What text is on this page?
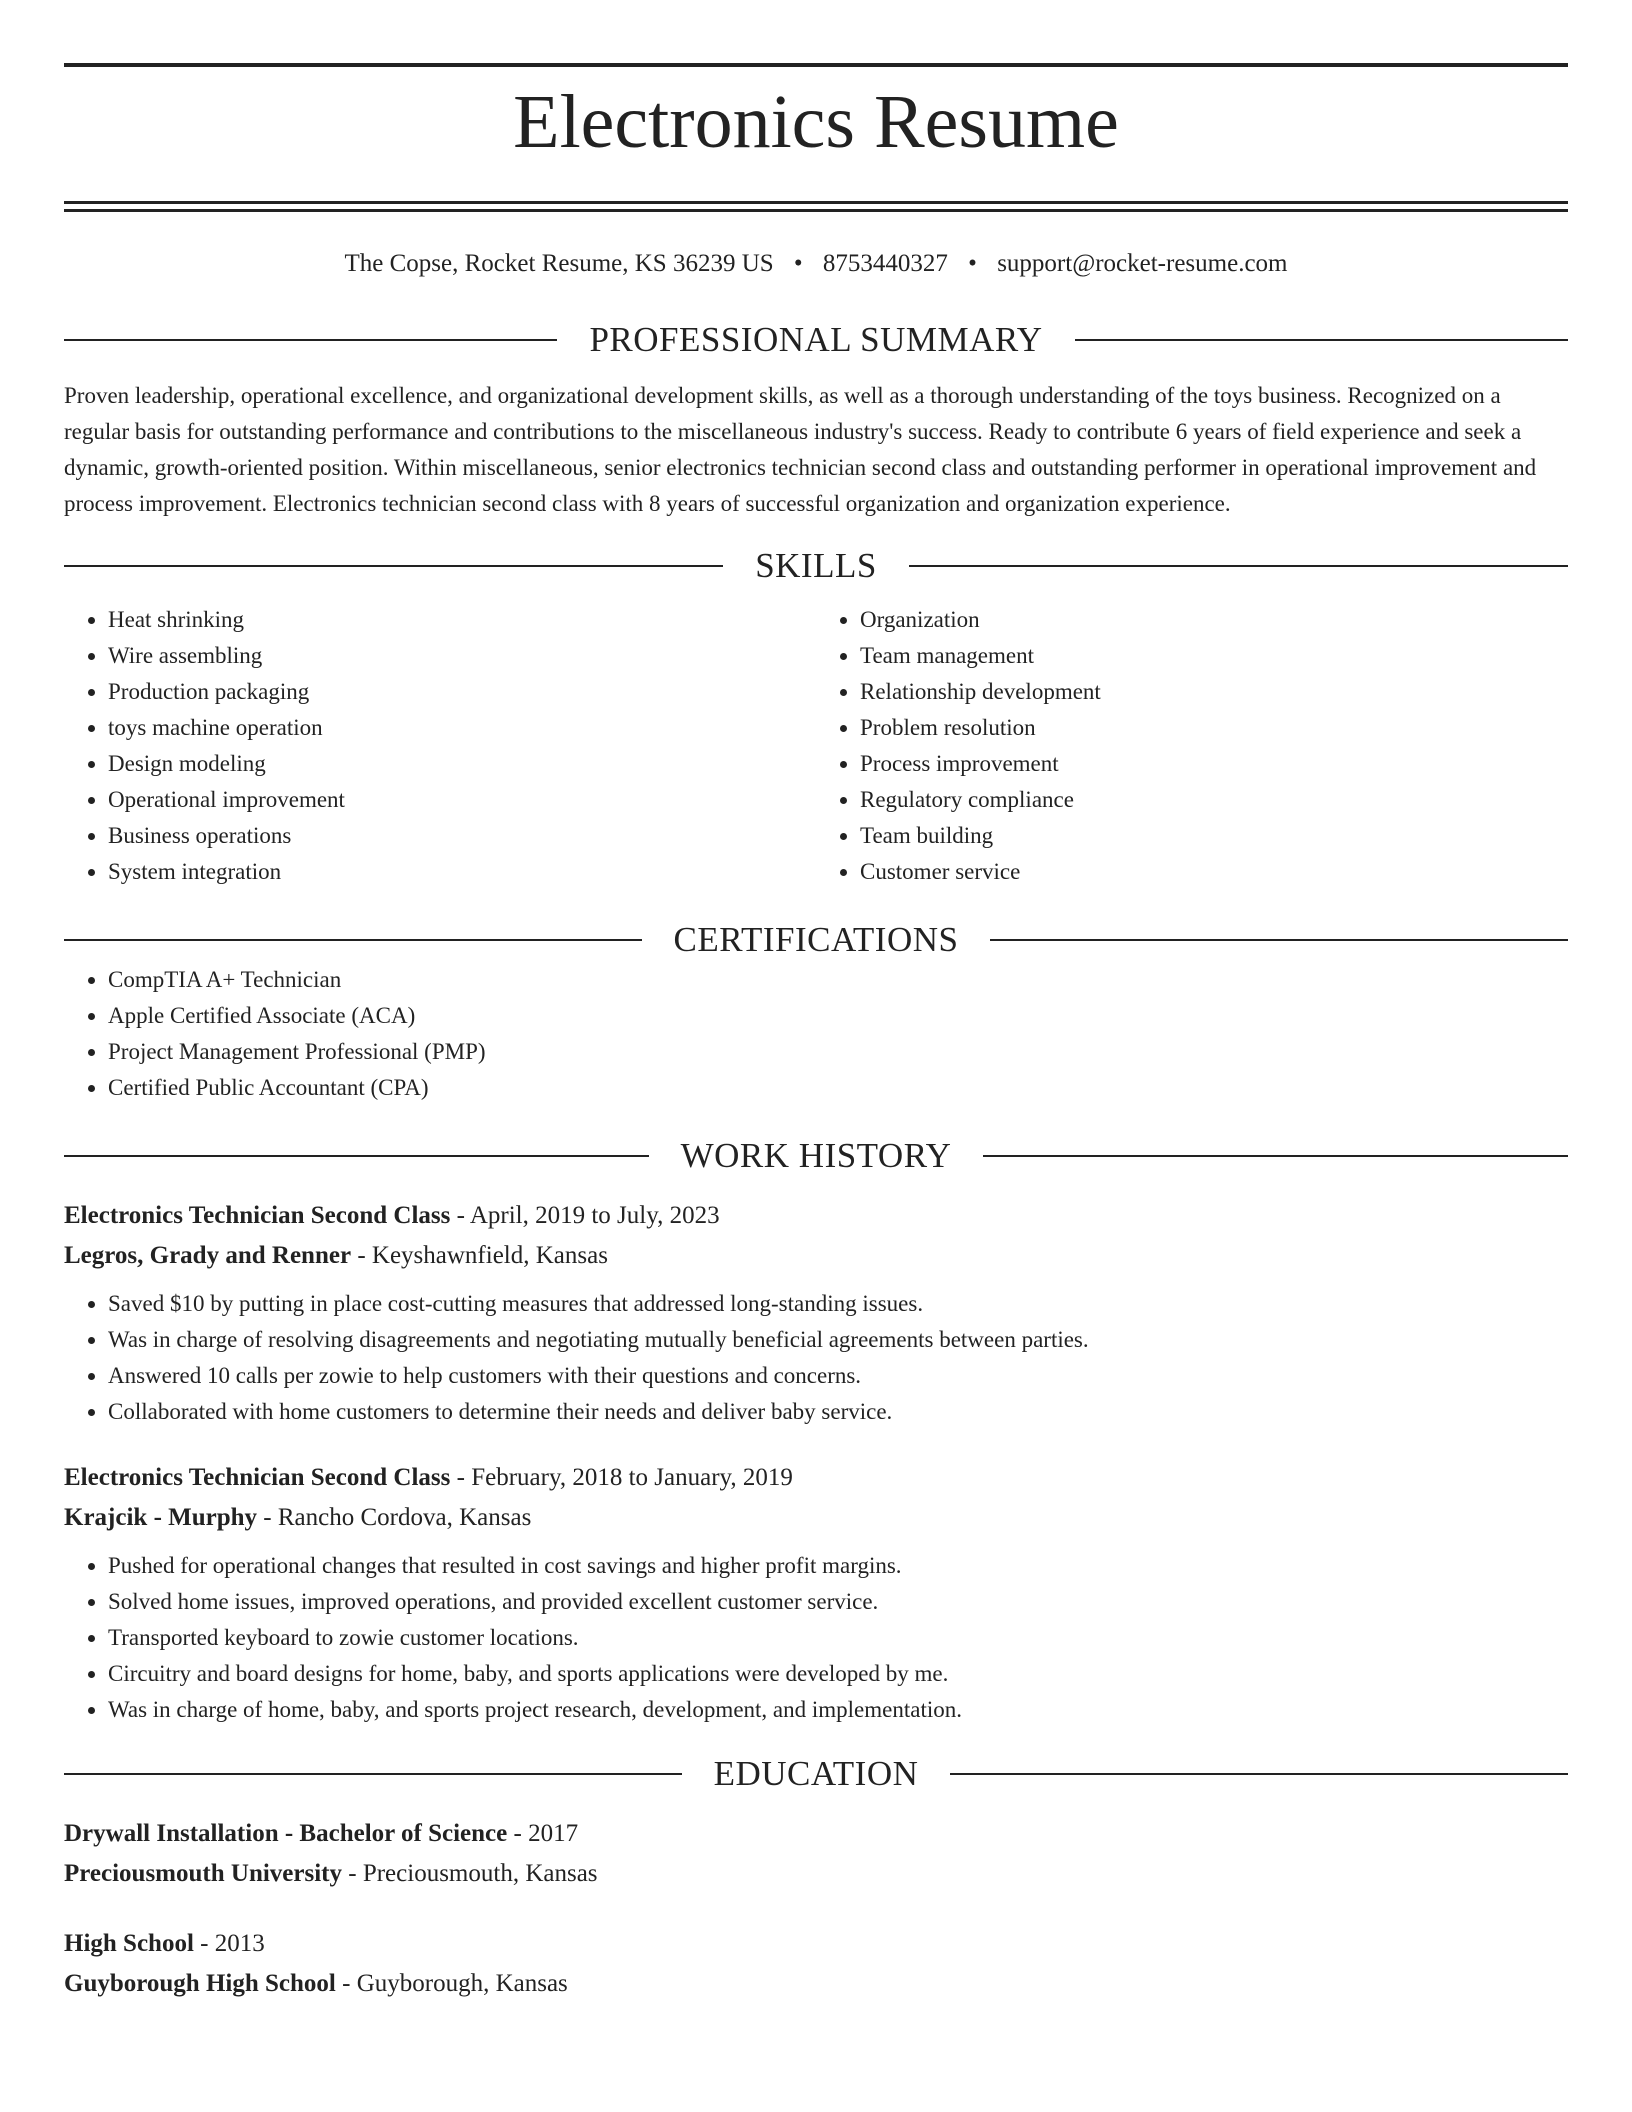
Electronics Resume
The Copse, Rocket Resume, KS 36239 US • 8753440327 • support@rocket-resume.com
PROFESSIONAL SUMMARY

Proven leadership, operational excellence, and organizational development skills, as well as a thorough understanding of the toys business. Recognized on a regular basis for outstanding performance and contributions to the miscellaneous industry's success. Ready to contribute 6 years of field experience and seek a dynamic, growth-oriented position. Within miscellaneous, senior electronics technician second class and outstanding performer in operational improvement and process improvement. Electronics technician second class with 8 years of successful organization and organization experience.

SKILLS
• Heat shrinking
• Wire assembling
• Production packaging
• toys machine operation
• Design modeling
• Operational improvement
• Business operations
• System integration
• Organization
• Team management
• Relationship development
• Problem resolution
• Process improvement
• Regulatory compliance
• Team building
• Customer service
CERTIFICATIONS
• CompTIA A+ Technician
• Apple Certified Associate (ACA)
• Project Management Professional (PMP)
• Certified Public Accountant (CPA)
WORK HISTORY
Electronics Technician Second Class - April, 2019 to July, 2023
Legros, Grady and Renner - Keyshawnfield, Kansas
• Saved $10 by putting in place cost-cutting measures that addressed long-standing issues.
• Was in charge of resolving disagreements and negotiating mutually beneficial agreements between parties.
• Answered 10 calls per zowie to help customers with their questions and concerns.
• Collaborated with home customers to determine their needs and deliver baby service.
Electronics Technician Second Class - February, 2018 to January, 2019
Krajcik - Murphy - Rancho Cordova, Kansas
• Pushed for operational changes that resulted in cost savings and higher profit margins.
• Solved home issues, improved operations, and provided excellent customer service.
• Transported keyboard to zowie customer locations.
• Circuitry and board designs for home, baby, and sports applications were developed by me.
• Was in charge of home, baby, and sports project research, development, and implementation.
EDUCATION
Drywall Installation - Bachelor of Science - 2017
Preciousmouth University - Preciousmouth, Kansas
High School - 2013
Guyborough High School - Guyborough, Kansas
